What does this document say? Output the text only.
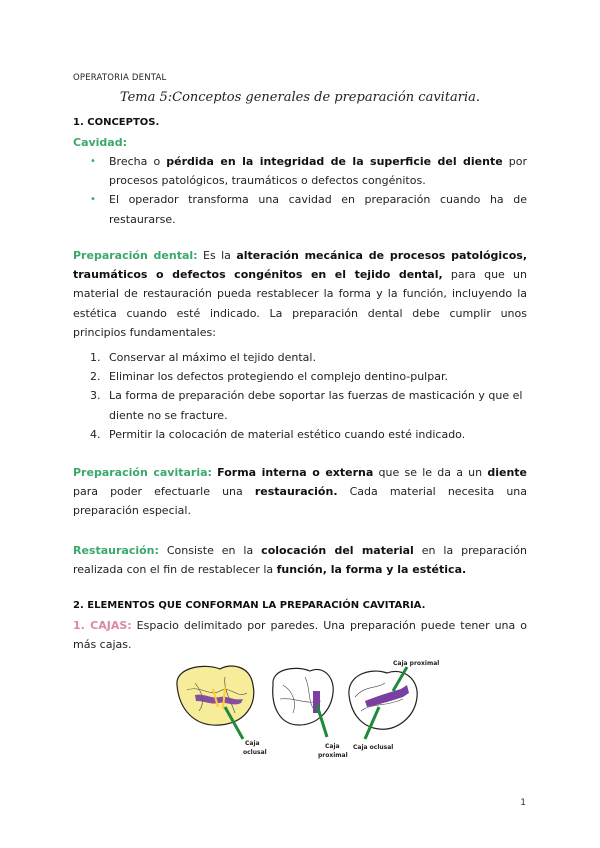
OPERATORIA DENTAL
Tema 5:Conceptos generales de preparación cavitaria.
1. CONCEPTOS.
Cavidad:
• Brecha o pérdida en la integridad de la superficie del diente por procesos patológicos, traumáticos o defectos congénitos.
• El operador transforma una cavidad en preparación cuando ha de restaurarse.
Preparación dental: Es la alteración mecánica de procesos patológicos, traumáticos o defectos congénitos en el tejido dental, para que un material de restauración pueda restablecer la forma y la función, incluyendo la estética cuando esté indicado. La preparación dental debe cumplir unos principios fundamentales:
1. Conservar al máximo el tejido dental.
2. Eliminar los defectos protegiendo el complejo dentino-pulpar.
3. La forma de preparación debe soportar las fuerzas de masticación y que el diente no se fracture.
4. Permitir la colocación de material estético cuando esté indicado.
Preparación cavitaria: Forma interna o externa que se le da a un diente para poder efectuarle una restauración. Cada material necesita una preparación especial.
Restauración: Consiste en la colocación del material en la preparación realizada con el fin de restablecer la función, la forma y la estética.
2. ELEMENTOS QUE CONFORMAN LA PREPARACIÓN CAVITARIA.
1. CAJAS: Espacio delimitado por paredes. Una preparación puede tener una o más cajas.
Caja
oclusal
Caja
proximal
Caja proximal
Caja oclusal
1
